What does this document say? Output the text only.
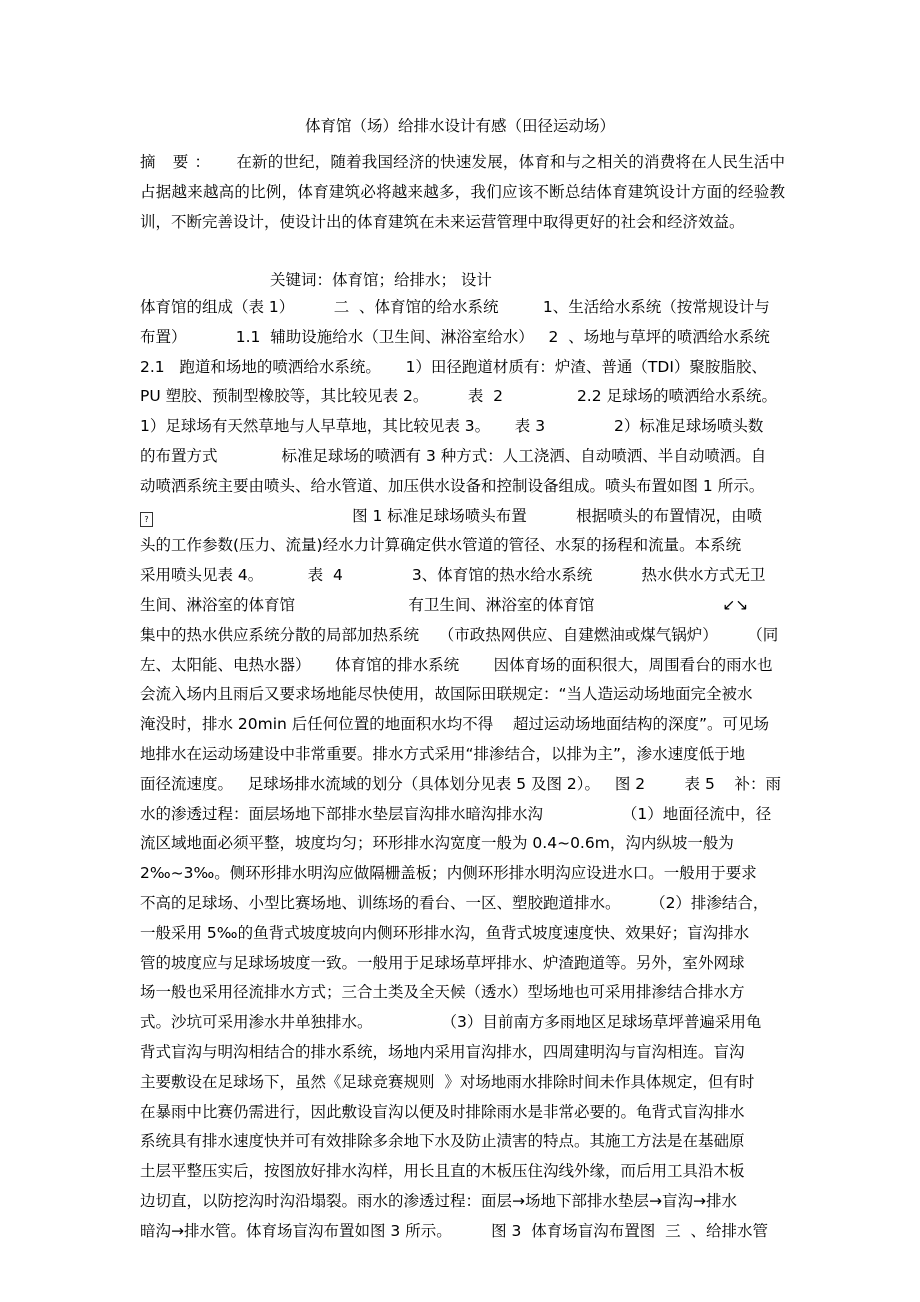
体育馆（场）给排水设计有感（田径运动场）
摘 要： 在新的世纪，随着我国经济的快速发展，体育和与之相关的消费将在人民生活中占据越来越高的比例，体育建筑必将越来越多，我们应该不断总结体育建筑设计方面的经验教训，不断完善设计，使设计出的体育建筑在未来运营管理中取得更好的社会和经济效益。
关键词：体育馆；给排水； 设计
体育馆的组成（表 1）        二  、体育馆的给水系统         1、生活给水系统（按常规设计与
布置）          1.1  辅助设施给水（卫生间、淋浴室给水）   2  、场地与草坪的喷洒给水系统
2.1   跑道和场地的喷洒给水系统。     1）田径跑道材质有：炉渣、普通（TDI）聚胺脂胶、
PU 塑胶、预制型橡胶等，其比较见表 2。        表  2               2.2 足球场的喷洒给水系统。
1）足球场有天然草地与人早草地，其比较见表 3。     表 3              2）标准足球场喷头数
的布置方式             标准足球场的喷洒有 3 种方式：人工浇洒、自动喷洒、半自动喷洒。自
动喷洒系统主要由喷头、给水管道、加压供水设备和控制设备组成。喷头布置如图 1 所示。
?                                        图 1 标准足球场喷头布置          根据喷头的布置情况，由喷
头的工作参数(压力、流量)经水力计算确定供水管道的管径、水泵的扬程和流量。本系统
采用喷头见表 4。         表  4              3、体育馆的热水给水系统          热水供水方式无卫
生间、淋浴室的体育馆                       有卫生间、淋浴室的体育馆                          ↙↘
集中的热水供应系统分散的局部加热系统    （市政热网供应、自建燃油或煤气锅炉）      （同
左、太阳能、电热水器）     体育馆的排水系统       因体育场的面积很大，周围看台的雨水也
会流入场内且雨后又要求场地能尽快使用，故国际田联规定：“当人造运动场地面完全被水
淹没时，排水 20min 后任何位置的地面积水均不得    超过运动场地面结构的深度”。可见场
地排水在运动场建设中非常重要。排水方式采用“排渗结合，以排为主”，渗水速度低于地
面径流速度。   足球场排水流域的划分（具体划分见表 5 及图 2）。   图 2        表 5    补：雨
水的渗透过程：面层场地下部排水垫层盲沟排水暗沟排水沟                （1）地面径流中，径
流区域地面必须平整，坡度均匀；环形排水沟宽度一般为 0.4~0.6m，沟内纵坡一般为
2‰~3‰。侧环形排水明沟应做隔栅盖板；内侧环形排水明沟应设进水口。一般用于要求
不高的足球场、小型比赛场地、训练场的看台、一区、塑胶跑道排水。      （2）排渗结合，
一般采用 5‰的鱼背式坡度坡向内侧环形排水沟，鱼背式坡度速度快、效果好；盲沟排水
管的坡度应与足球场坡度一致。一般用于足球场草坪排水、炉渣跑道等。另外，室外网球
场一般也采用径流排水方式；三合土类及全天候（透水）型场地也可采用排渗结合排水方
式。沙坑可采用渗水井单独排水。              （3）目前南方多雨地区足球场草坪普遍采用龟
背式盲沟与明沟相结合的排水系统，场地内采用盲沟排水，四周建明沟与盲沟相连。盲沟
主要敷设在足球场下，虽然《足球竞赛规则  》对场地雨水排除时间未作具体规定，但有时
在暴雨中比赛仍需进行，因此敷设盲沟以便及时排除雨水是非常必要的。龟背式盲沟排水
系统具有排水速度快并可有效排除多余地下水及防止渍害的特点。其施工方法是在基础原
土层平整压实后，按图放好排水沟样，用长且直的木板压住沟线外缘，而后用工具沿木板
边切直，以防挖沟时沟沿塌裂。雨水的渗透过程：面层→场地下部排水垫层→盲沟→排水
暗沟→排水管。体育场盲沟布置如图 3 所示。        图 3  体育场盲沟布置图  三  、给排水管
